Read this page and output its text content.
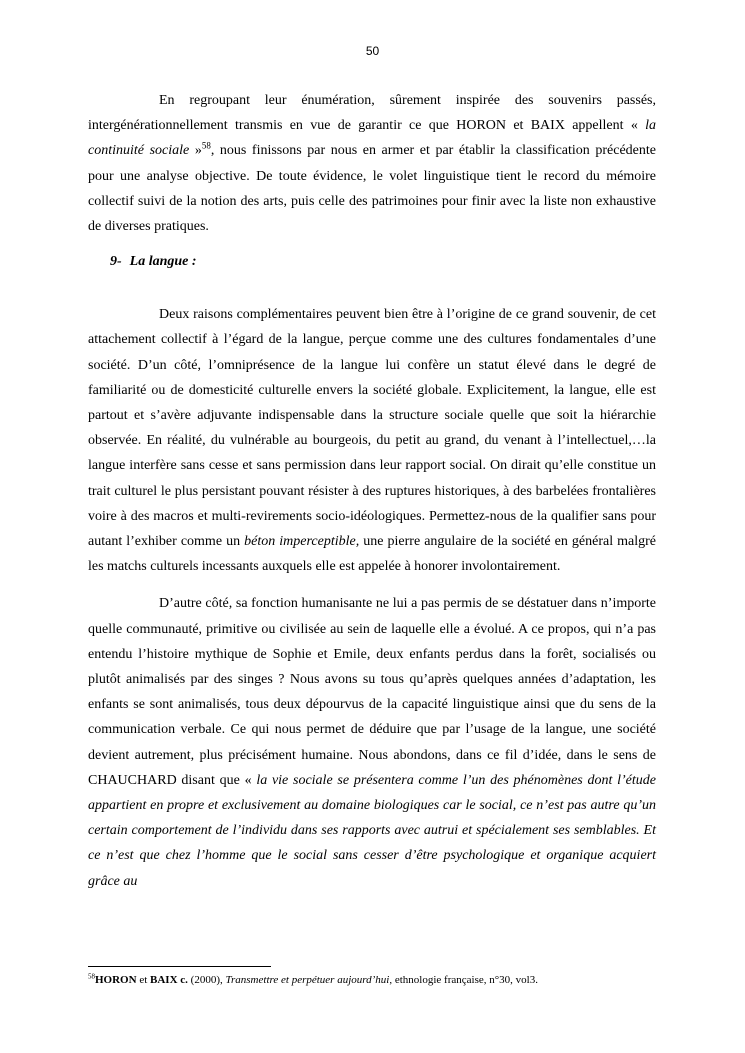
50

En regroupant leur énumération, sûrement inspirée des souvenirs passés, intergénérationnellement transmis en vue de garantir ce que HORON et BAIX appellent « la continuité sociale »$^{58}$, nous finissons par nous en armer et par établir la classification précédente pour une analyse objective. De toute évidence, le volet linguistique tient le record du mémoire collectif suivi de la notion des arts, puis celle des patrimoines pour finir avec la liste non exhaustive de diverses pratiques.

9- La langue :

Deux raisons complémentaires peuvent bien être à l’origine de ce grand souvenir, de cet attachement collectif à l’égard de la langue, perçue comme une des cultures fondamentales d’une société. D’un côté, l’omniprésence de la langue lui confère un statut élevé dans le degré de familiarité ou de domesticité culturelle envers la société globale. Explicitement, la langue, elle est partout et s’avère adjuvante indispensable dans la structure sociale quelle que soit la hiérarchie observée. En réalité, du vulnérable au bourgeois, du petit au grand, du venant à l’intellectuel,…la langue interfère sans cesse et sans permission dans leur rapport social. On dirait qu’elle constitue un trait culturel le plus persistant pouvant résister à des ruptures historiques, à des barbelées frontalières voire à des macros et multi-revirements socio-idéologiques. Permettez-nous de la qualifier sans pour autant l’exhiber comme un béton imperceptible, une pierre angulaire de la société en général malgré les matchs culturels incessants auxquels elle est appelée à honorer involontairement.

D’autre côté, sa fonction humanisante ne lui a pas permis de se déstatuer dans n’importe quelle communauté, primitive ou civilisée au sein de laquelle elle a évolué. A ce propos, qui n’a pas entendu l’histoire mythique de Sophie et Emile, deux enfants perdus dans la forêt, socialisés ou plutôt animalisés par des singes ? Nous avons su tous qu’après quelques années d’adaptation, les enfants se sont animalisés, tous deux dépourvus de la capacité linguistique ainsi que du sens de la communication verbale. Ce qui nous permet de déduire que par l’usage de la langue, une société devient autrement, plus précisément humaine. Nous abondons, dans ce fil d’idée, dans le sens de CHAUCHARD disant que « la vie sociale se présentera comme l’un des phénomènes dont l’étude appartient en propre et exclusivement au domaine biologiques car le social, ce n’est pas autre qu’un certain comportement de l’individu dans ses rapports avec autrui et spécialement ses semblables. Et ce n’est que chez l’homme que le social sans cesser d’être psychologique et organique acquiert grâce au

$^{58}$HORON et BAIX c. (2000), Transmettre et perpétuer aujourd’hui, ethnologie française, n°30, vol3.
